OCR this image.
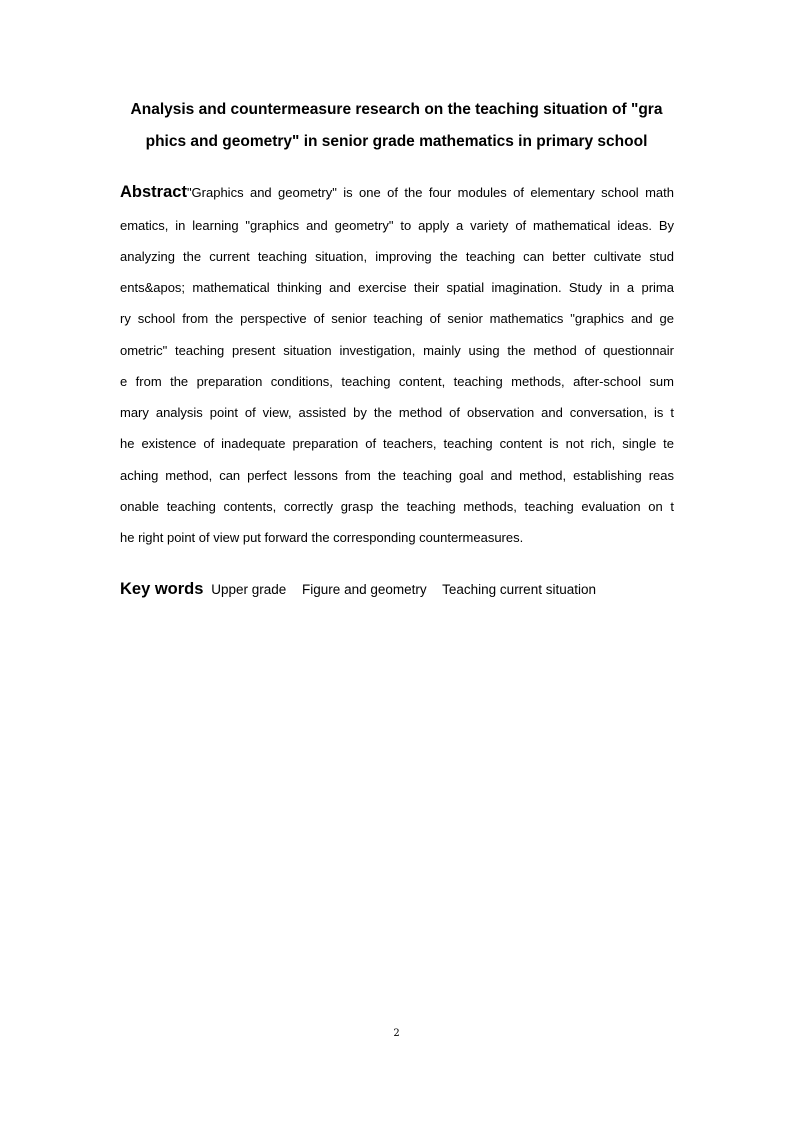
Analysis and countermeasure research on the teaching situation of "gra
phics and geometry" in senior grade mathematics in primary school
Abstract"Graphics and geometry" is one of the four modules of elementary school math
ematics, in learning "graphics and geometry" to apply a variety of mathematical ideas. By
analyzing the current teaching situation, improving the teaching can better cultivate stud
ents&apos; mathematical thinking and exercise their spatial imagination. Study in a prima
ry school from the perspective of senior teaching of senior mathematics "graphics and ge
ometric" teaching present situation investigation, mainly using the method of questionnair
e from the preparation conditions, teaching content, teaching methods, after-school sum
mary analysis point of view, assisted by the method of observation and conversation, is t
he existence of inadequate preparation of teachers, teaching content is not rich, single te
aching method, can perfect lessons from the teaching goal and method, establishing reas
onable teaching contents, correctly grasp the teaching methods, teaching evaluation on t
he right point of view put forward the corresponding countermeasures.
Key words Upper grade Figure and geometry Teaching current situation
2
